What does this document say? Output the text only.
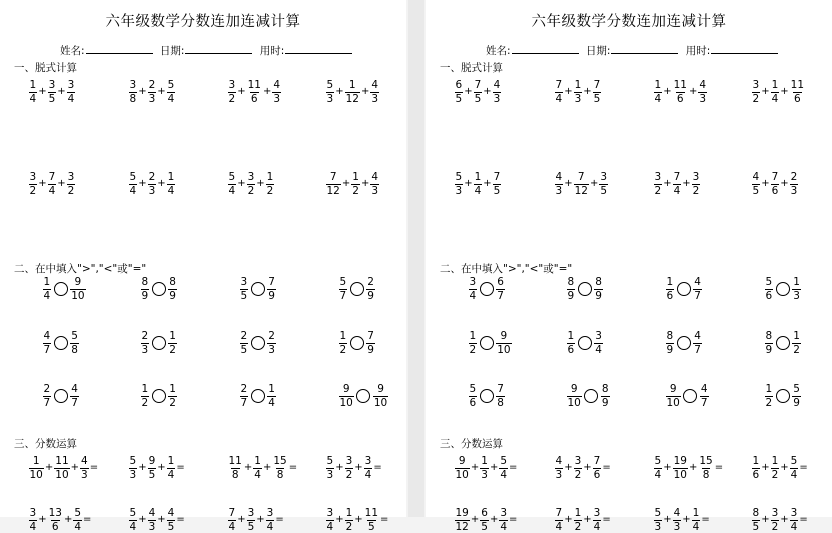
六年级数学分数连加连减计算
姓名:	日期:	用时:
一、脱式计算
二、在中填入">","<"或"="
三、分数运算
$\frac{1}{4} + \frac{3}{5} + \frac{3}{4}$	$\frac{3}{8} + \frac{2}{3} + \frac{5}{4}$	$\frac{3}{2} + \frac{11}{6} + \frac{4}{3}$	$\frac{5}{3} + \frac{1}{12} + \frac{4}{3}$
$\frac{3}{2} + \frac{7}{4} + \frac{3}{2}$	$\frac{5}{4} + \frac{2}{3} + \frac{1}{4}$	$\frac{5}{4} + \frac{3}{2} + \frac{1}{2}$	$\frac{7}{12} + \frac{1}{2} + \frac{4}{3}$
$\frac{1}{4} \frac{9}{10}$	$\frac{8}{9} \frac{8}{9}$	$\frac{3}{5} \frac{7}{9}$	$\frac{5}{7} \frac{2}{9}$
$\frac{4}{7} \frac{5}{8}$	$\frac{2}{3} \frac{1}{2}$	$\frac{2}{5} \frac{2}{3}$	$\frac{1}{2} \frac{7}{9}$
$\frac{2}{7} \frac{4}{7}$	$\frac{1}{2} \frac{1}{2}$	$\frac{2}{7} \frac{1}{4}$	$\frac{9}{10} \frac{9}{10}$
$\frac{1}{10} + \frac{11}{10} + \frac{4}{3}$ =	$\frac{5}{3} + \frac{9}{5} + \frac{1}{4}$ =	$\frac{11}{8} + \frac{1}{4} + \frac{15}{8}$ =	$\frac{5}{3} + \frac{3}{2} + \frac{3}{4}$ =
$\frac{3}{4} + \frac{13}{6} + \frac{5}{4}$ =	$\frac{5}{4} + \frac{4}{3} + \frac{4}{5}$ =	$\frac{7}{4} + \frac{3}{5} + \frac{3}{4}$ =	$\frac{3}{4} + \frac{1}{2} + \frac{11}{5}$ =
六年级数学分数连加连减计算
姓名:	日期:	用时:
一、脱式计算
二、在中填入">","<"或"="
三、分数运算
$\frac{6}{5} + \frac{7}{5} + \frac{4}{3}$	$\frac{7}{4} + \frac{1}{3} + \frac{7}{5}$	$\frac{1}{4} + \frac{11}{6} + \frac{4}{3}$	$\frac{3}{2} + \frac{1}{4} + \frac{11}{6}$
$\frac{5}{3} + \frac{1}{4} + \frac{7}{5}$	$\frac{4}{3} + \frac{7}{12} + \frac{3}{5}$	$\frac{3}{2} + \frac{7}{4} + \frac{3}{2}$	$\frac{4}{5} + \frac{7}{6} + \frac{2}{3}$
$\frac{3}{4} \frac{6}{7}$	$\frac{8}{9} \frac{8}{9}$	$\frac{1}{6} \frac{4}{7}$	$\frac{5}{6} \frac{1}{3}$
$\frac{1}{2} \frac{9}{10}$	$\frac{1}{6} \frac{3}{4}$	$\frac{8}{9} \frac{4}{7}$	$\frac{8}{9} \frac{1}{2}$
$\frac{5}{6} \frac{7}{8}$	$\frac{9}{10} \frac{8}{9}$	$\frac{9}{10} \frac{4}{7}$	$\frac{1}{2} \frac{5}{9}$
$\frac{9}{10} + \frac{1}{3} + \frac{5}{4}$ =	$\frac{4}{3} + \frac{3}{2} + \frac{7}{6}$ =	$\frac{5}{4} + \frac{19}{10} + \frac{15}{8}$ =	$\frac{1}{6} + \frac{1}{2} + \frac{5}{4}$ =
$\frac{19}{12} + \frac{6}{5} + \frac{3}{4}$ =	$\frac{7}{4} + \frac{1}{2} + \frac{3}{4}$ =	$\frac{5}{3} + \frac{4}{3} + \frac{1}{4}$ =	$\frac{8}{5} + \frac{3}{2} + \frac{3}{4}$ =
